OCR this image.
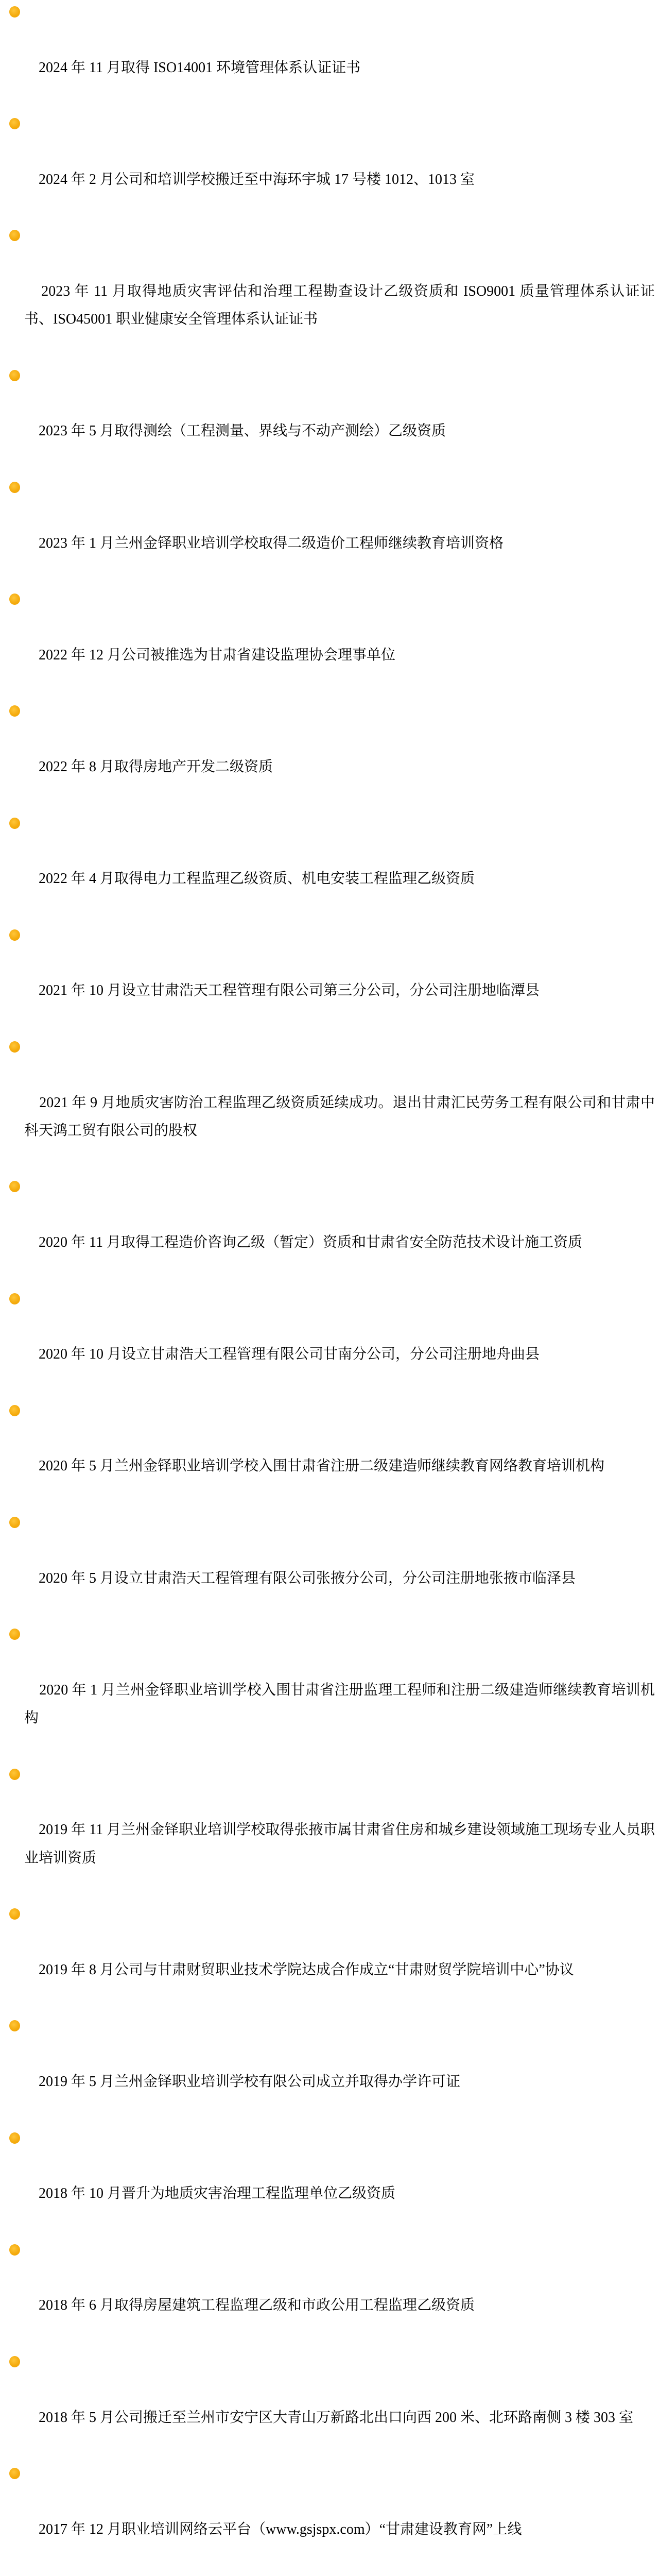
2024 年 11 月取得 ISO14001 环境管理体系认证证书

2024 年 2 月公司和培训学校搬迁至中海环宇城 17 号楼 1012、1013 室

2023 年 11 月取得地质灾害评估和治理工程勘查设计乙级资质和 ISO9001 质量管理体系认证证书、ISO45001 职业健康安全管理体系认证证书

2023 年 5 月取得测绘（工程测量、界线与不动产测绘）乙级资质

2023 年 1 月兰州金铎职业培训学校取得二级造价工程师继续教育培训资格

2022 年 12 月公司被推选为甘肃省建设监理协会理事单位

2022 年 8 月取得房地产开发二级资质

2022 年 4 月取得电力工程监理乙级资质、机电安装工程监理乙级资质

2021 年 10 月设立甘肃浩天工程管理有限公司第三分公司，分公司注册地临潭县

2021 年 9 月地质灾害防治工程监理乙级资质延续成功。退出甘肃汇民劳务工程有限公司和甘肃中科天鸿工贸有限公司的股权

2020 年 11 月取得工程造价咨询乙级（暂定）资质和甘肃省安全防范技术设计施工资质

2020 年 10 月设立甘肃浩天工程管理有限公司甘南分公司，分公司注册地舟曲县

2020 年 5 月兰州金铎职业培训学校入围甘肃省注册二级建造师继续教育网络教育培训机构

2020 年 5 月设立甘肃浩天工程管理有限公司张掖分公司，分公司注册地张掖市临泽县

2020 年 1 月兰州金铎职业培训学校入围甘肃省注册监理工程师和注册二级建造师继续教育培训机构

2019 年 11 月兰州金铎职业培训学校取得张掖市属甘肃省住房和城乡建设领域施工现场专业人员职业培训资质

2019 年 8 月公司与甘肃财贸职业技术学院达成合作成立“甘肃财贸学院培训中心”协议

2019 年 5 月兰州金铎职业培训学校有限公司成立并取得办学许可证

2018 年 10 月晋升为地质灾害治理工程监理单位乙级资质

2018 年 6 月取得房屋建筑工程监理乙级和市政公用工程监理乙级资质

2018 年 5 月公司搬迁至兰州市安宁区大青山万新路北出口向西 200 米、北环路南侧 3 楼 303 室

2017 年 12 月职业培训网络云平台（www.gsjspx.com）“甘肃建设教育网”上线
